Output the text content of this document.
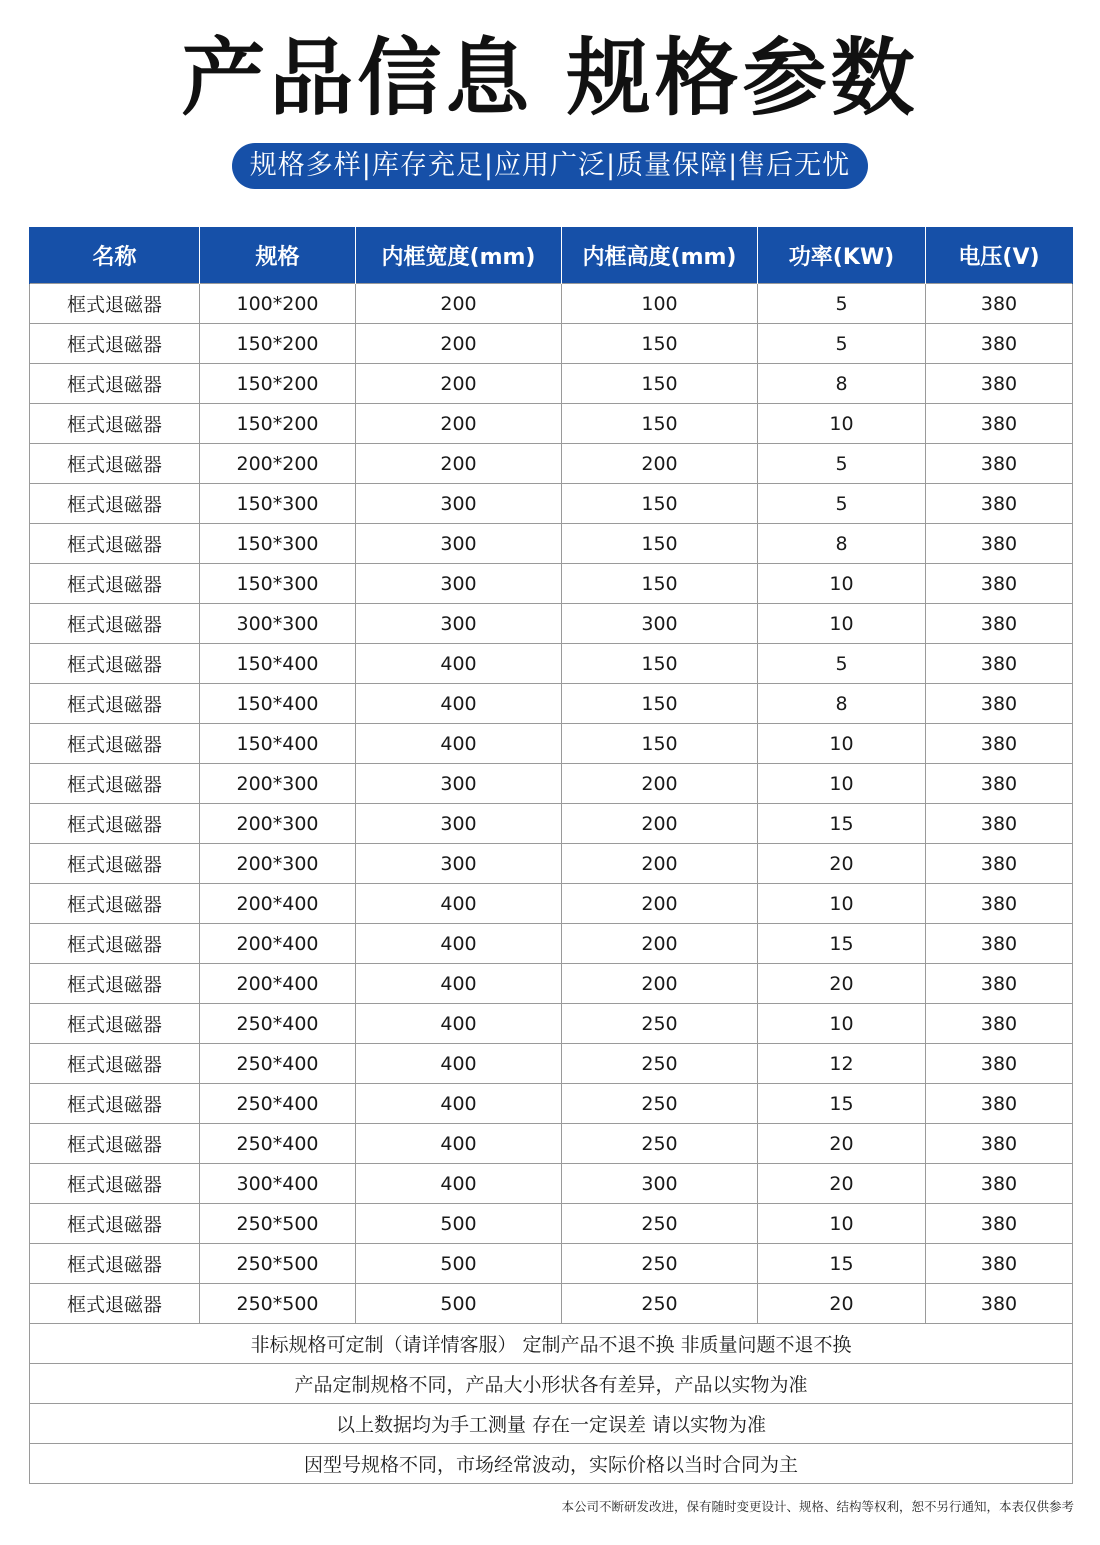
产品信息 规格参数
规格多样|库存充足|应用广泛|质量保障|售后无忧
名称	规格	内框宽度(mm)	内框高度(mm)	功率(KW)	电压(V)
框式退磁器	100*200	200	100	5	380
框式退磁器	150*200	200	150	5	380
框式退磁器	150*200	200	150	8	380
框式退磁器	150*200	200	150	10	380
框式退磁器	200*200	200	200	5	380
框式退磁器	150*300	300	150	5	380
框式退磁器	150*300	300	150	8	380
框式退磁器	150*300	300	150	10	380
框式退磁器	300*300	300	300	10	380
框式退磁器	150*400	400	150	5	380
框式退磁器	150*400	400	150	8	380
框式退磁器	150*400	400	150	10	380
框式退磁器	200*300	300	200	10	380
框式退磁器	200*300	300	200	15	380
框式退磁器	200*300	300	200	20	380
框式退磁器	200*400	400	200	10	380
框式退磁器	200*400	400	200	15	380
框式退磁器	200*400	400	200	20	380
框式退磁器	250*400	400	250	10	380
框式退磁器	250*400	400	250	12	380
框式退磁器	250*400	400	250	15	380
框式退磁器	250*400	400	250	20	380
框式退磁器	300*400	400	300	20	380
框式退磁器	250*500	500	250	10	380
框式退磁器	250*500	500	250	15	380
框式退磁器	250*500	500	250	20	380
非标规格可定制（请详情客服） 定制产品不退不换 非质量问题不退不换					
产品定制规格不同，产品大小形状各有差异，产品以实物为准					
以上数据均为手工测量 存在一定误差 请以实物为准					
因型号规格不同，市场经常波动，实际价格以当时合同为主					
本公司不断研发改进，保有随时变更设计、规格、结构等权利，恕不另行通知，本表仅供参考
